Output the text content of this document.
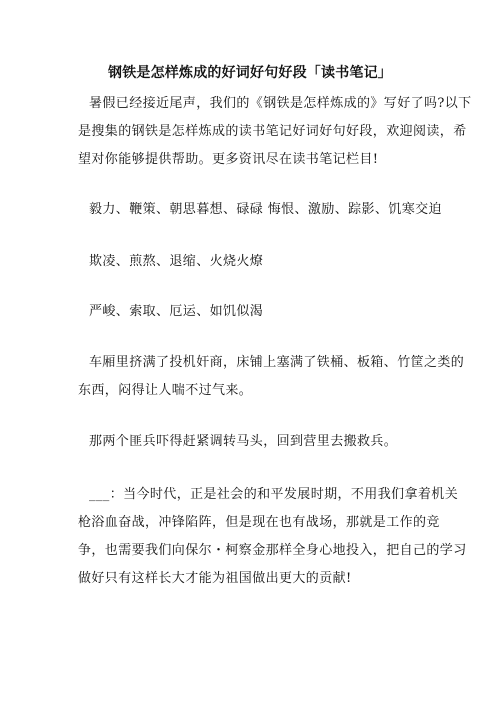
钢铁是怎样炼成的好词好句好段「读书笔记」
暑假已经接近尾声，我们的《钢铁是怎样炼成的》写好了吗?以下
是搜集的钢铁是怎样炼成的读书笔记好词好句好段，欢迎阅读，希
望对你能够提供帮助。更多资讯尽在读书笔记栏目!
毅力、鞭策、朝思暮想、碌碌 悔恨、激励、踪影、饥寒交迫
欺凌、煎熬、退缩、火烧火燎
严峻、索取、厄运、如饥似渴
车厢里挤满了投机奸商，床铺上塞满了铁桶、板箱、竹筐之类的
东西，闷得让人喘不过气来。
那两个匪兵吓得赶紧调转马头，回到营里去搬救兵。
___：当今时代，正是社会的和平发展时期，不用我们拿着机关
枪浴血奋战，冲锋陷阵，但是现在也有战场，那就是工作的竞
争，也需要我们向保尔・柯察金那样全身心地投入，把自己的学习
做好只有这样长大才能为祖国做出更大的贡献!
